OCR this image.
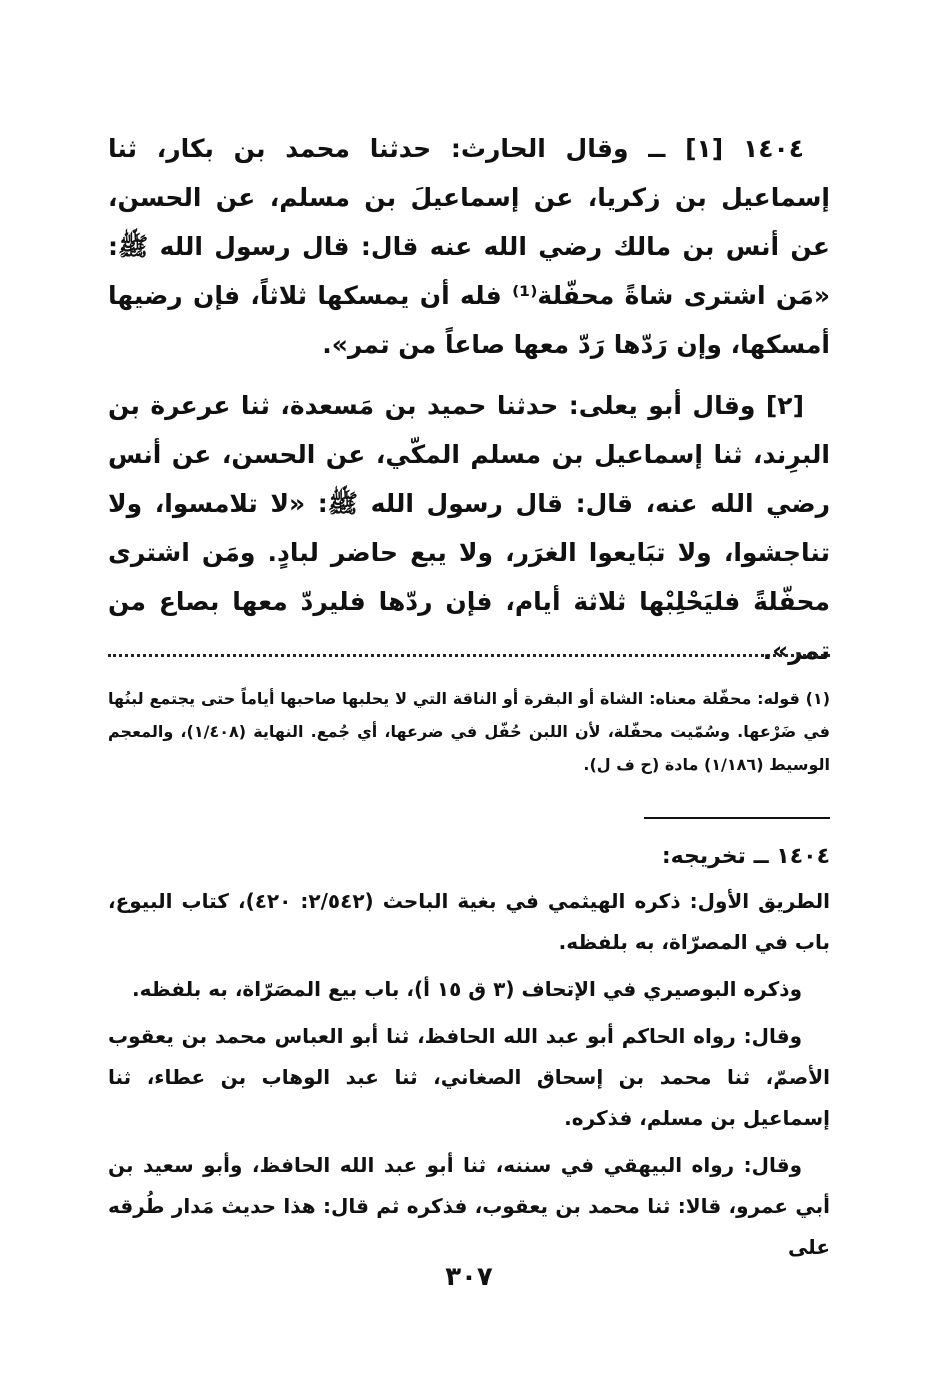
١٤٠٤ [١] ــ وقال الحارث: حدثنا محمد بن بكار، ثنا إسماعيل بن زكريا، عن إسماعيلَ بن مسلم، عن الحسن، عن أنس بن مالك رضي الله عنه قال: قال رسول الله ﷺ: «مَن اشترى شاةً محفّلة⁽¹⁾ فله أن يمسكها ثلاثاً، فإن رضيها أمسكها، وإن رَدّها رَدّ معها صاعاً من تمر».

[٢] وقال أبو يعلى: حدثنا حميد بن مَسعدة، ثنا عرعرة بن البرِند، ثنا إسماعيل بن مسلم المكّي، عن الحسن، عن أنس رضي الله عنه، قال: قال رسول الله ﷺ: «لا تلامسوا، ولا تناجشوا، ولا تبَايعوا الغرَر، ولا يبع حاضر لبادٍ. ومَن اشترى محفّلةً فليَحْلِبْها ثلاثة أيام، فإن ردّها فليردّ معها بصاع من تمر».

(١) قوله: محفّلة معناه: الشاة أو البقرة أو الناقة التي لا يحلبها صاحبها أياماً حتى يجتمع لبنُها في ضَرْعها. وسُمّيت محفّلة، لأن اللبن حُفّل في ضرعها، أي جُمع. النهاية (١/٤٠٨)، والمعجم الوسيط (١/١٨٦) مادة (ح ف ل).

١٤٠٤ ــ تخريجه:

الطريق الأول: ذكره الهيثمي في بغية الباحث (٢/٥٤٢: ٤٢٠)، كتاب البيوع، باب في المصرّاة، به بلفظه.

وذكره البوصيري في الإتحاف (٣ ق ١٥ أ)، باب بيع المصَرّاة، به بلفظه.

وقال: رواه الحاكم أبو عبد الله الحافظ، ثنا أبو العباس محمد بن يعقوب الأصمّ، ثنا محمد بن إسحاق الصغاني، ثنا عبد الوهاب بن عطاء، ثنا إسماعيل بن مسلم، فذكره.

وقال: رواه البيهقي في سننه، ثنا أبو عبد الله الحافظ، وأبو سعيد بن أبي عمرو، قالا: ثنا محمد بن يعقوب، فذكره ثم قال: هذا حديث مَدار طُرقه على

٣٠٧
